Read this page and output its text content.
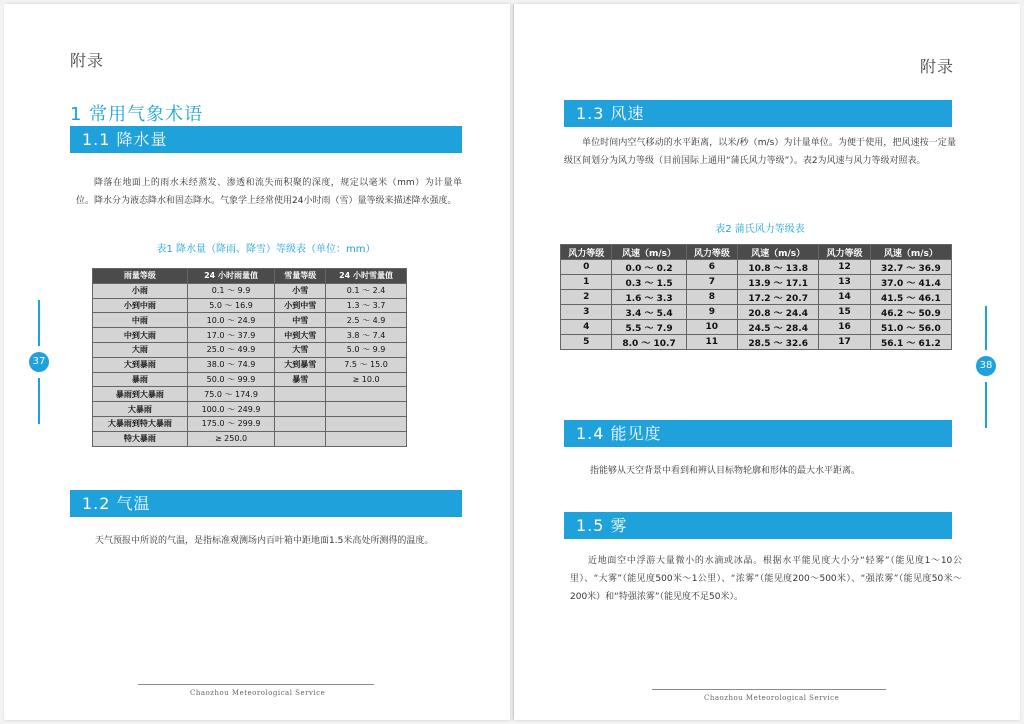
附录
1 常用气象术语
1.1 降水量
降落在地面上的雨水未经蒸发、渗透和流失而积聚的深度，规定以毫米（mm）为计量单位。降水分为液态降水和固态降水。气象学上经常使用24小时雨（雪）量等级来描述降水强度。
表1 降水量（降雨、降雪）等级表（单位：mm）
雨量等级	24 小时雨量值	雪量等级	24 小时雪量值
小雨	0.1 ～ 9.9	小雪	0.1 ～ 2.4
小到中雨	5.0 ～ 16.9	小到中雪	1.3 ～ 3.7
中雨	10.0 ～ 24.9	中雪	2.5 ～ 4.9
中到大雨	17.0 ～ 37.9	中到大雪	3.8 ～ 7.4
大雨	25.0 ～ 49.9	大雪	5.0 ～ 9.9
大到暴雨	38.0 ～ 74.9	大到暴雪	7.5 ～ 15.0
暴雨	50.0 ～ 99.9	暴雪	≥ 10.0
暴雨到大暴雨	75.0 ～ 174.9		
大暴雨	100.0 ～ 249.9		
大暴雨到特大暴雨	175.0 ～ 299.9		
特大暴雨	≥ 250.0		
1.2 气温
天气预报中所说的气温，是指标准观测场内百叶箱中距地面1.5米高处所测得的温度。
37
Chaozhou Meteorological Service
附录
1.3 风速
单位时间内空气移动的水平距离，以米/秒（m/s）为计量单位。为便于使用，把风速按一定量级区间划分为风力等级（目前国际上通用“蒲氏风力等级”）。表2为风速与风力等级对照表。
表2 蒲氏风力等级表
风力等级	风速（m/s）	风力等级	风速（m/s）	风力等级	风速（m/s）
0	0.0 ～ 0.2	6	10.8 ～ 13.8	12	32.7 ～ 36.9
1	0.3 ～ 1.5	7	13.9 ～ 17.1	13	37.0 ～ 41.4
2	1.6 ～ 3.3	8	17.2 ～ 20.7	14	41.5 ～ 46.1
3	3.4 ～ 5.4	9	20.8 ～ 24.4	15	46.2 ～ 50.9
4	5.5 ～ 7.9	10	24.5 ～ 28.4	16	51.0 ～ 56.0
5	8.0 ～ 10.7	11	28.5 ～ 32.6	17	56.1 ～ 61.2
1.4 能见度
指能够从天空背景中看到和辨认目标物轮廓和形体的最大水平距离。
1.5 雾
近地面空中浮游大量微小的水滴或冰晶。根据水平能见度大小分“轻雾”（能见度1～10公里）、“大雾”（能见度500米～1公里）、“浓雾”（能见度200～500米）、“强浓雾”（能见度50米～200米）和“特强浓雾”（能见度不足50米）。
38
Chaozhou Meteorological Service
